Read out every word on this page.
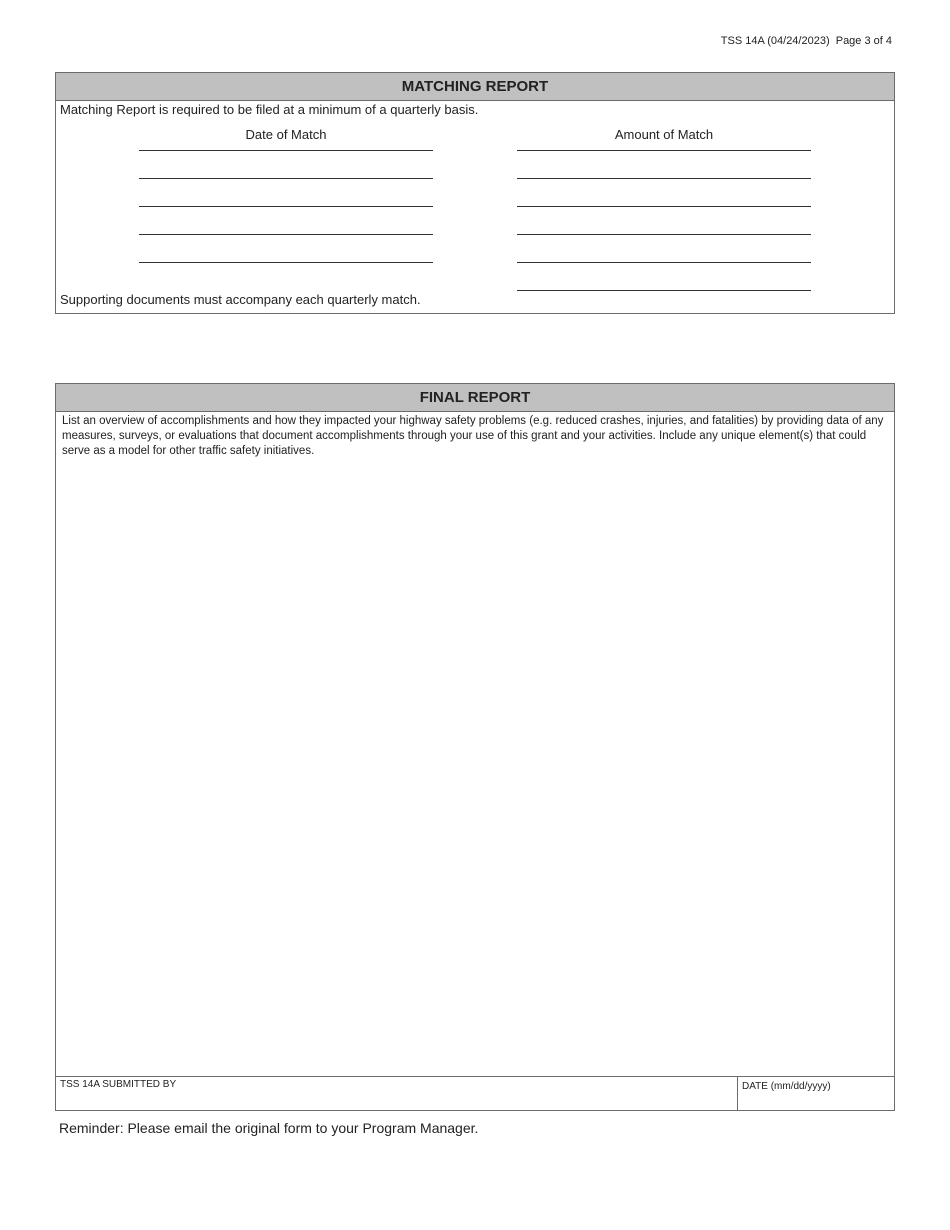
TSS 14A (04/24/2023)  Page 3 of 4
MATCHING REPORT
Matching Report is required to be filed at a minimum of a quarterly basis.
Date of Match	Amount of Match
Supporting documents must accompany each quarterly match.
FINAL REPORT
List an overview of accomplishments and how they impacted your highway safety problems (e.g. reduced crashes, injuries, and fatalities) by providing data of any measures, surveys, or evaluations that document accomplishments through your use of this grant and your activities. Include any unique element(s) that could serve as a model for other traffic safety initiatives.
TSS 14A SUBMITTED BY	DATE (mm/dd/yyyy)
Reminder: Please email the original form to your Program Manager.
